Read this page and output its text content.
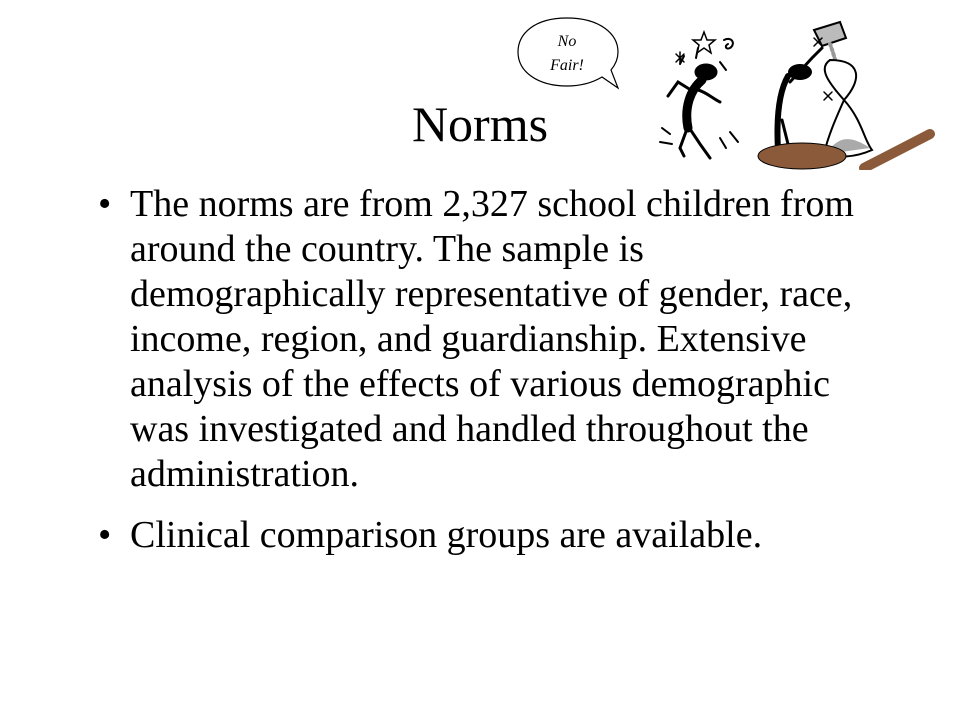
No
Fair!
Norms
• The norms are from 2,327 school children from around the country. The sample is demographically representative of gender, race, income, region, and guardianship. Extensive analysis of the effects of various demographic was investigated and handled throughout the administration.
• Clinical comparison groups are available.
